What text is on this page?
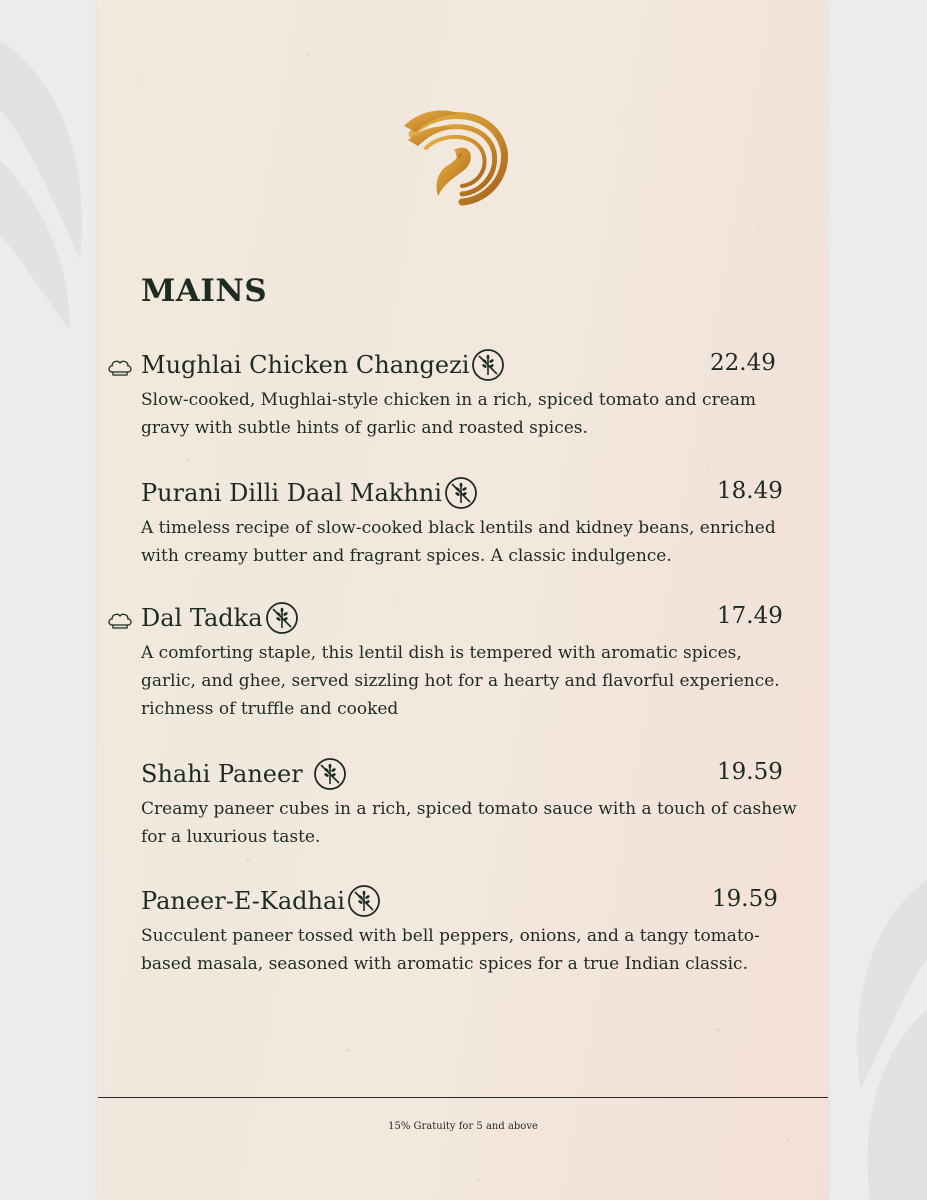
MAINS
Mughlai Chicken Changezi	22.49

Slow-cooked, Mughlai-style chicken in a rich, spiced tomato and cream gravy with subtle hints of garlic and roasted spices.

Purani Dilli Daal Makhni	18.49

A timeless recipe of slow-cooked black lentils and kidney beans, enriched with creamy butter and fragrant spices. A classic indulgence.

Dal Tadka	17.49

A comforting staple, this lentil dish is tempered with aromatic spices, garlic, and ghee, served sizzling hot for a hearty and flavorful experience. richness of truffle and cooked

Shahi Paneer	19.59

Creamy paneer cubes in a rich, spiced tomato sauce with a touch of cashew for a luxurious taste.

Paneer-E-Kadhai	19.59

Succulent paneer tossed with bell peppers, onions, and a tangy tomato-based masala, seasoned with aromatic spices for a true Indian classic.

15% Gratuity for 5 and above
